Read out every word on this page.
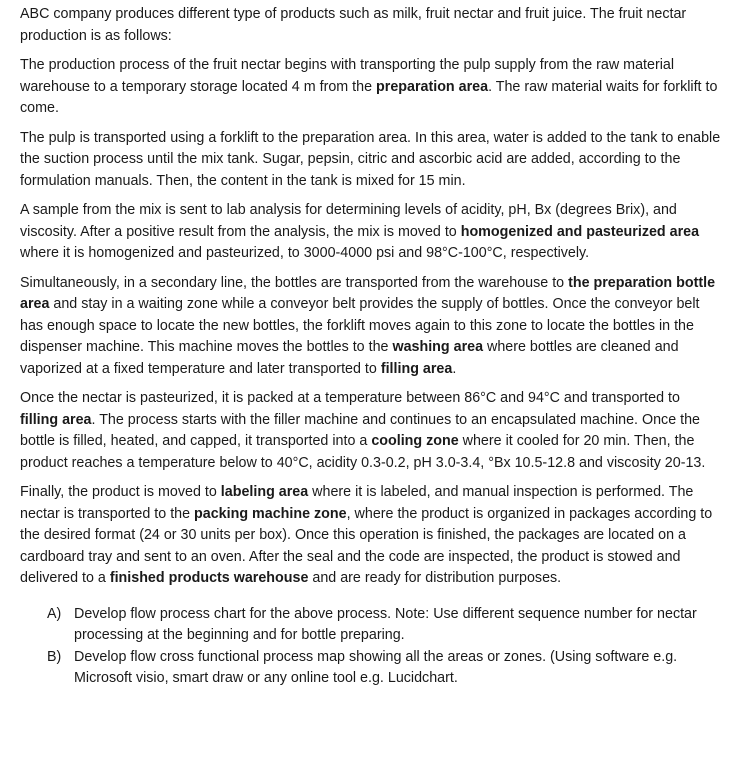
ABC company produces different type of products such as milk, fruit nectar and fruit juice. The fruit nectar production is as follows:

The production process of the fruit nectar begins with transporting the pulp supply from the raw material warehouse to a temporary storage located 4 m from the preparation area. The raw material waits for forklift to come.

The pulp is transported using a forklift to the preparation area. In this area, water is added to the tank to enable the suction process until the mix tank. Sugar, pepsin, citric and ascorbic acid are added, according to the formulation manuals. Then, the content in the tank is mixed for 15 min.

A sample from the mix is sent to lab analysis for determining levels of acidity, pH, Bx (degrees Brix), and viscosity. After a positive result from the analysis, the mix is moved to homogenized and pasteurized area where it is homogenized and pasteurized, to 3000-4000 psi and 98°C-100°C, respectively.

Simultaneously, in a secondary line, the bottles are transported from the warehouse to the preparation bottle area and stay in a waiting zone while a conveyor belt provides the supply of bottles. Once the conveyor belt has enough space to locate the new bottles, the forklift moves again to this zone to locate the bottles in the dispenser machine. This machine moves the bottles to the washing area where bottles are cleaned and vaporized at a fixed temperature and later transported to filling area.

Once the nectar is pasteurized, it is packed at a temperature between 86°C and 94°C and transported to filling area. The process starts with the filler machine and continues to an encapsulated machine. Once the bottle is filled, heated, and capped, it transported into a cooling zone where it cooled for 20 min. Then, the product reaches a temperature below to 40°C, acidity 0.3-0.2, pH 3.0-3.4, °Bx 10.5-12.8 and viscosity 20-13.

Finally, the product is moved to labeling area where it is labeled, and manual inspection is performed. The nectar is transported to the packing machine zone, where the product is organized in packages according to the desired format (24 or 30 units per box). Once this operation is finished, the packages are located on a cardboard tray and sent to an oven. After the seal and the code are inspected, the product is stowed and delivered to a finished products warehouse and are ready for distribution purposes.

A) Develop flow process chart for the above process. Note: Use different sequence number for nectar processing at the beginning and for bottle preparing.
B) Develop flow cross functional process map showing all the areas or zones. (Using software e.g. Microsoft visio, smart draw or any online tool e.g. Lucidchart.
